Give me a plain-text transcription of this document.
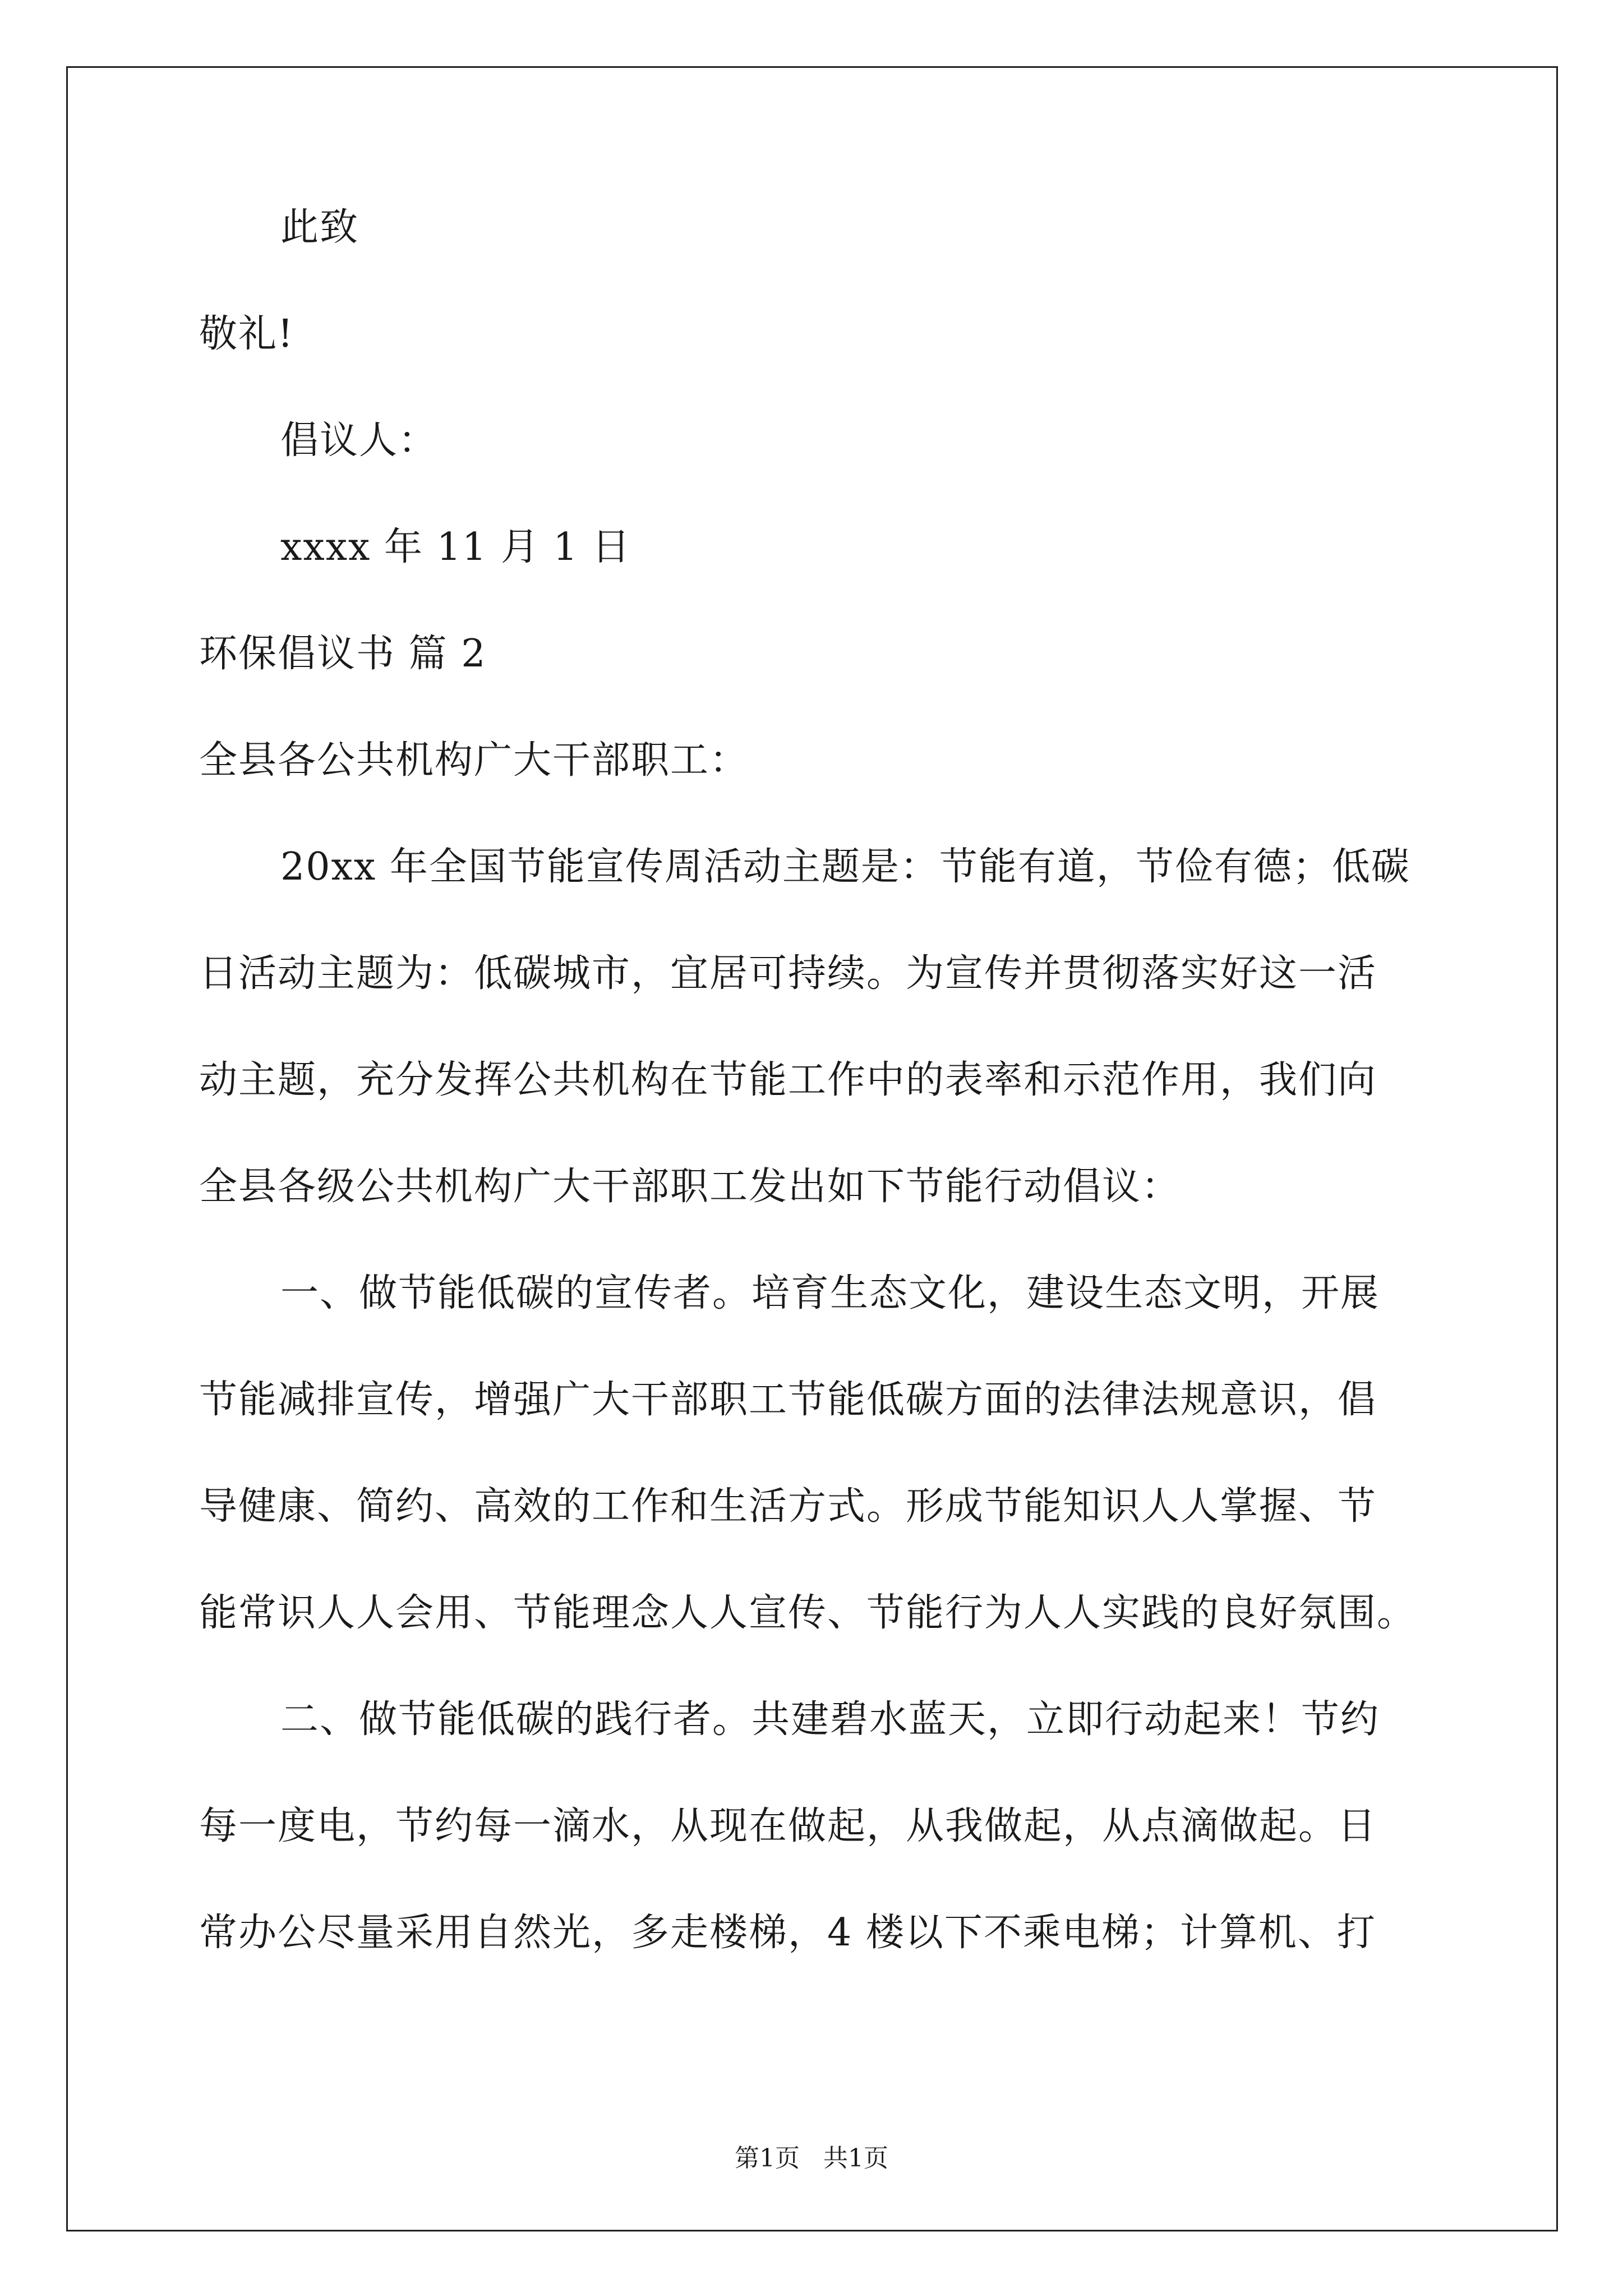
此致
敬礼!
倡议人：
xxxx 年 11 月 1 日
环保倡议书 篇 2
全县各公共机构广大干部职工：
20xx 年全国节能宣传周活动主题是：节能有道，节俭有德；低碳
日活动主题为：低碳城市，宜居可持续。为宣传并贯彻落实好这一活
动主题，充分发挥公共机构在节能工作中的表率和示范作用，我们向
全县各级公共机构广大干部职工发出如下节能行动倡议：
一、做节能低碳的宣传者。培育生态文化，建设生态文明，开展
节能减排宣传，增强广大干部职工节能低碳方面的法律法规意识，倡
导健康、简约、高效的工作和生活方式。形成节能知识人人掌握、节
能常识人人会用、节能理念人人宣传、节能行为人人实践的良好氛围。
二、做节能低碳的践行者。共建碧水蓝天，立即行动起来！节约
每一度电，节约每一滴水，从现在做起，从我做起，从点滴做起。日
常办公尽量采用自然光，多走楼梯，4 楼以下不乘电梯；计算机、打
第1页   共1页
